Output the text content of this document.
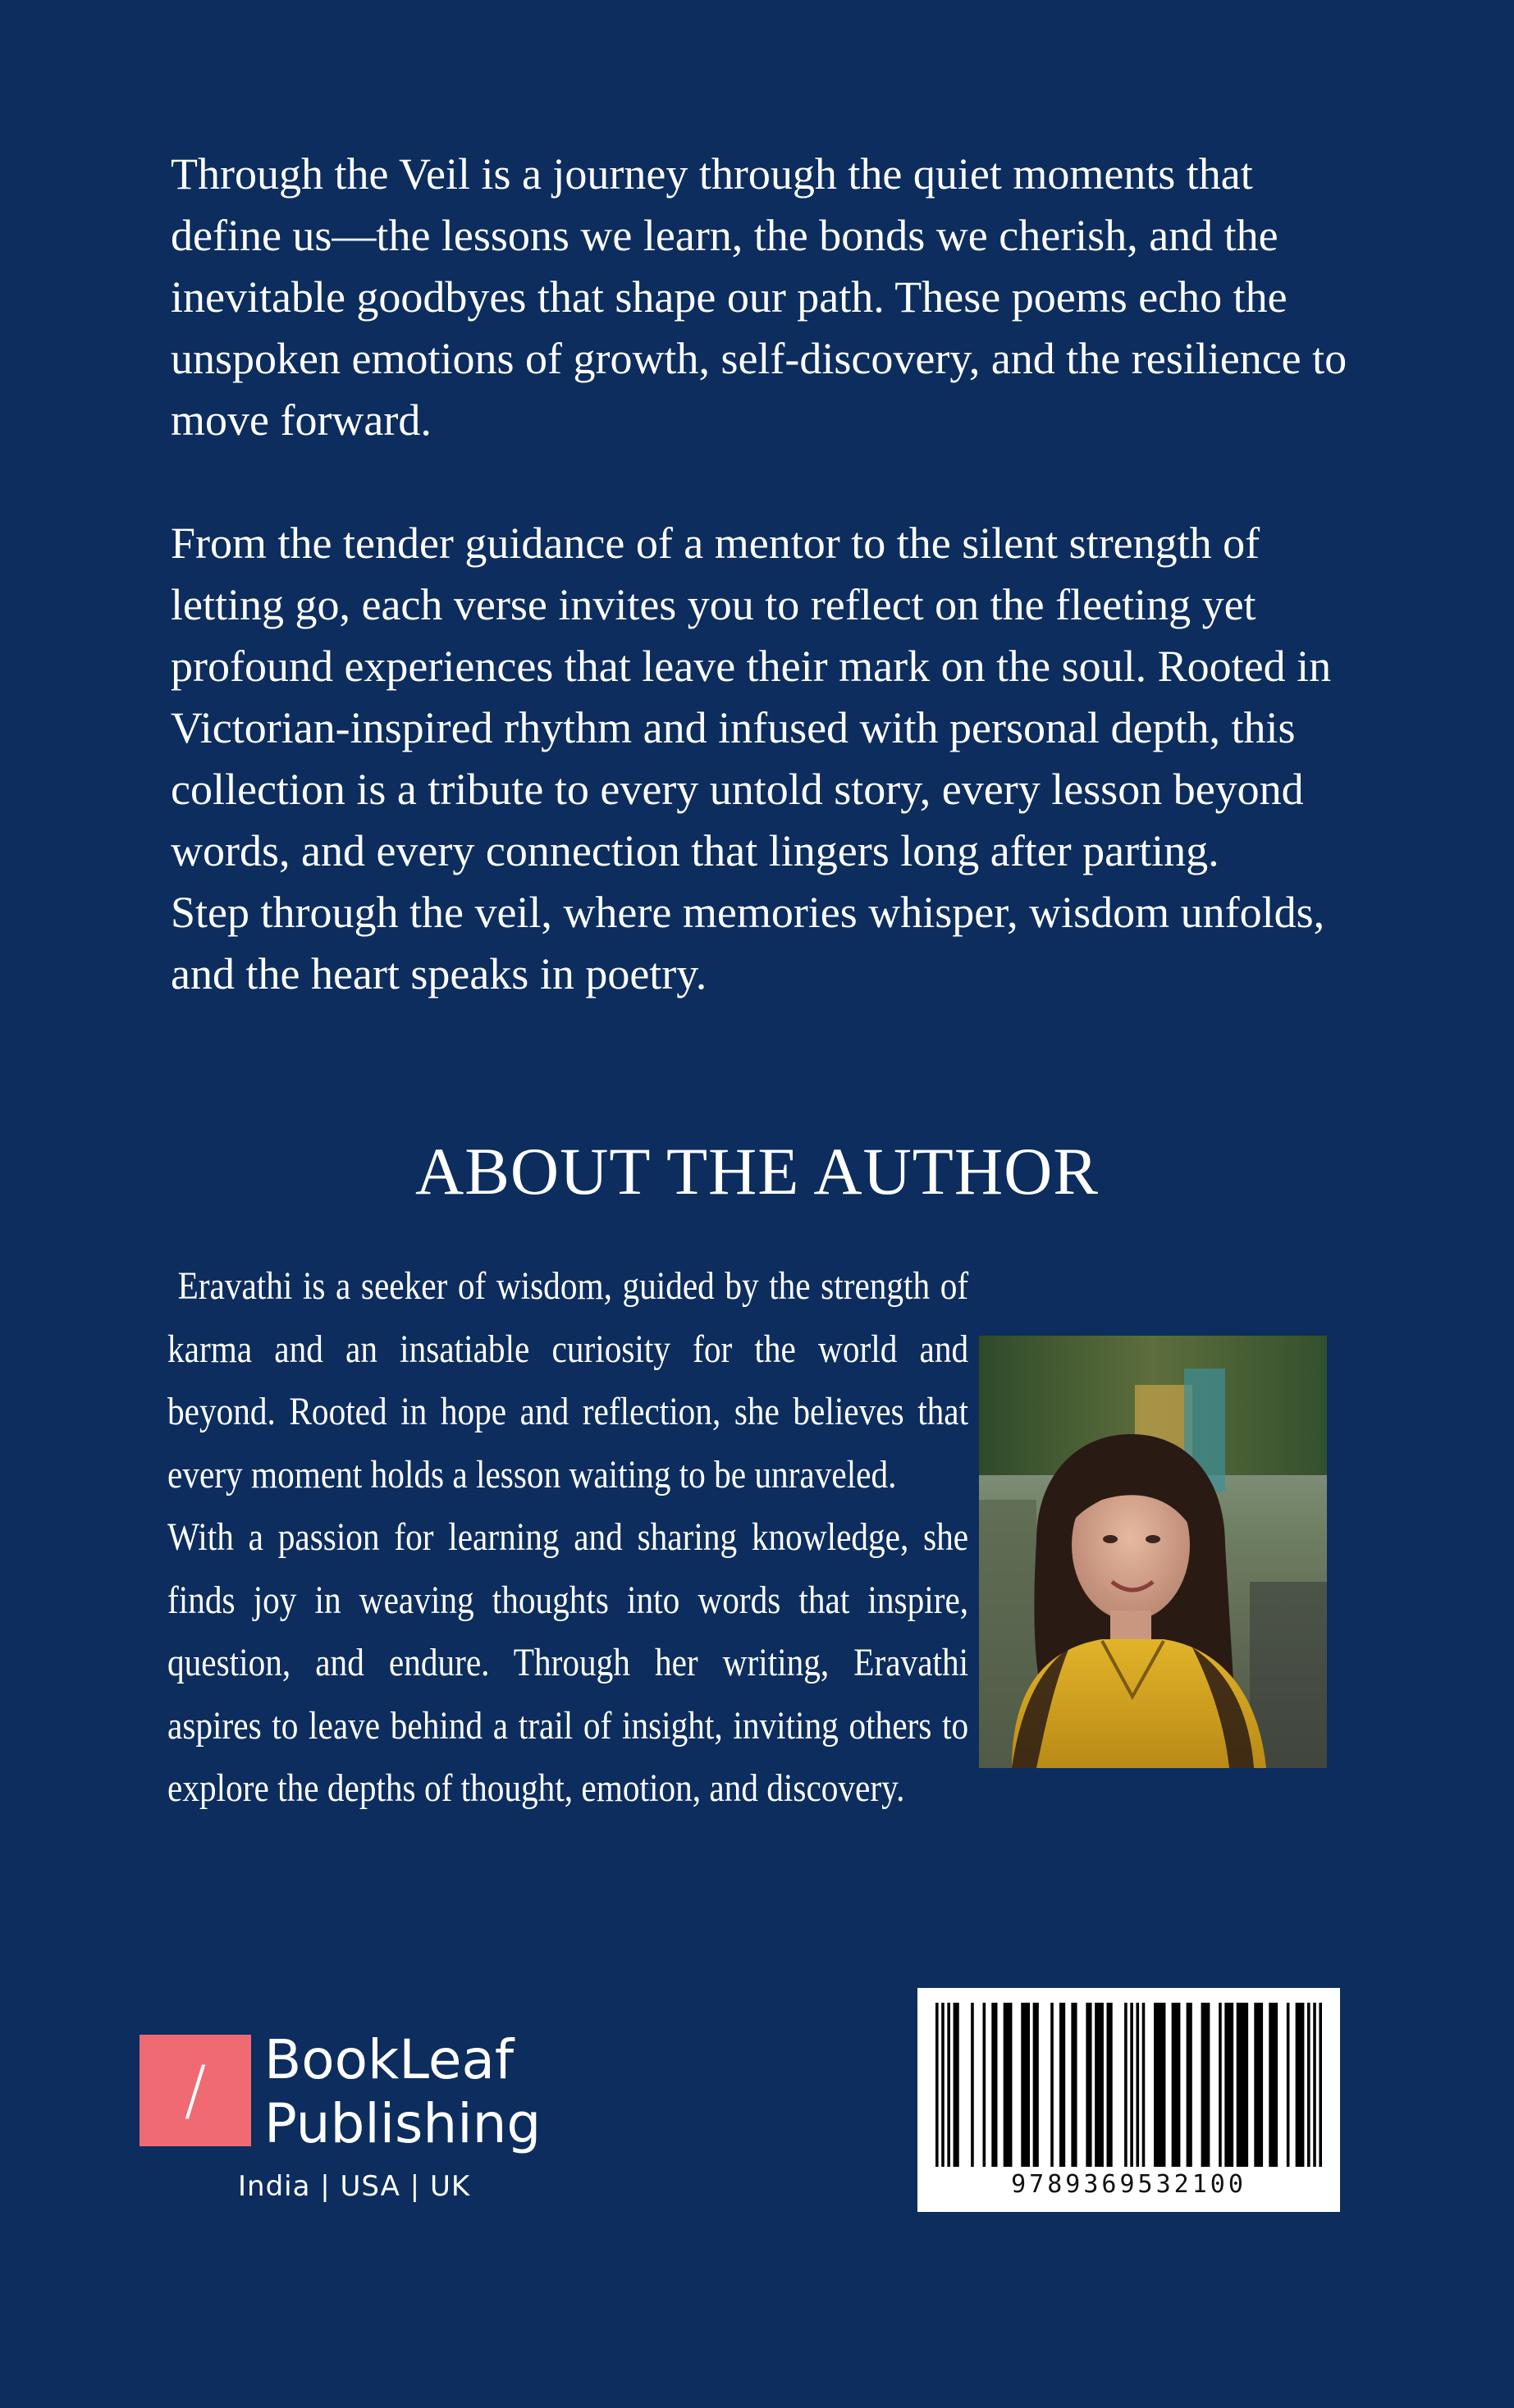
Through the Veil is a journey through the quiet moments that define us—the lessons we learn, the bonds we cherish, and the inevitable goodbyes that shape our path. These poems echo the unspoken emotions of growth, self-discovery, and the resilience to move forward.

From the tender guidance of a mentor to the silent strength of letting go, each verse invites you to reflect on the fleeting yet profound experiences that leave their mark on the soul. Rooted in Victorian-inspired rhythm and infused with personal depth, this collection is a tribute to every untold story, every lesson beyond words, and every connection that lingers long after parting.

Step through the veil, where memories whisper, wisdom unfolds, and the heart speaks in poetry.

ABOUT THE AUTHOR

Eravathi is a seeker of wisdom, guided by the strength of karma and an insatiable curiosity for the world and beyond. Rooted in hope and reflection, she believes that every moment holds a lesson waiting to be unraveled.

With a passion for learning and sharing knowledge, she finds joy in weaving thoughts into words that inspire, question, and endure. Through her writing, Eravathi aspires to leave behind a trail of insight, inviting others to explore the depths of thought, emotion, and discovery.

/	BookLeaf
Publishing
India | USA | UK	9789369532100
